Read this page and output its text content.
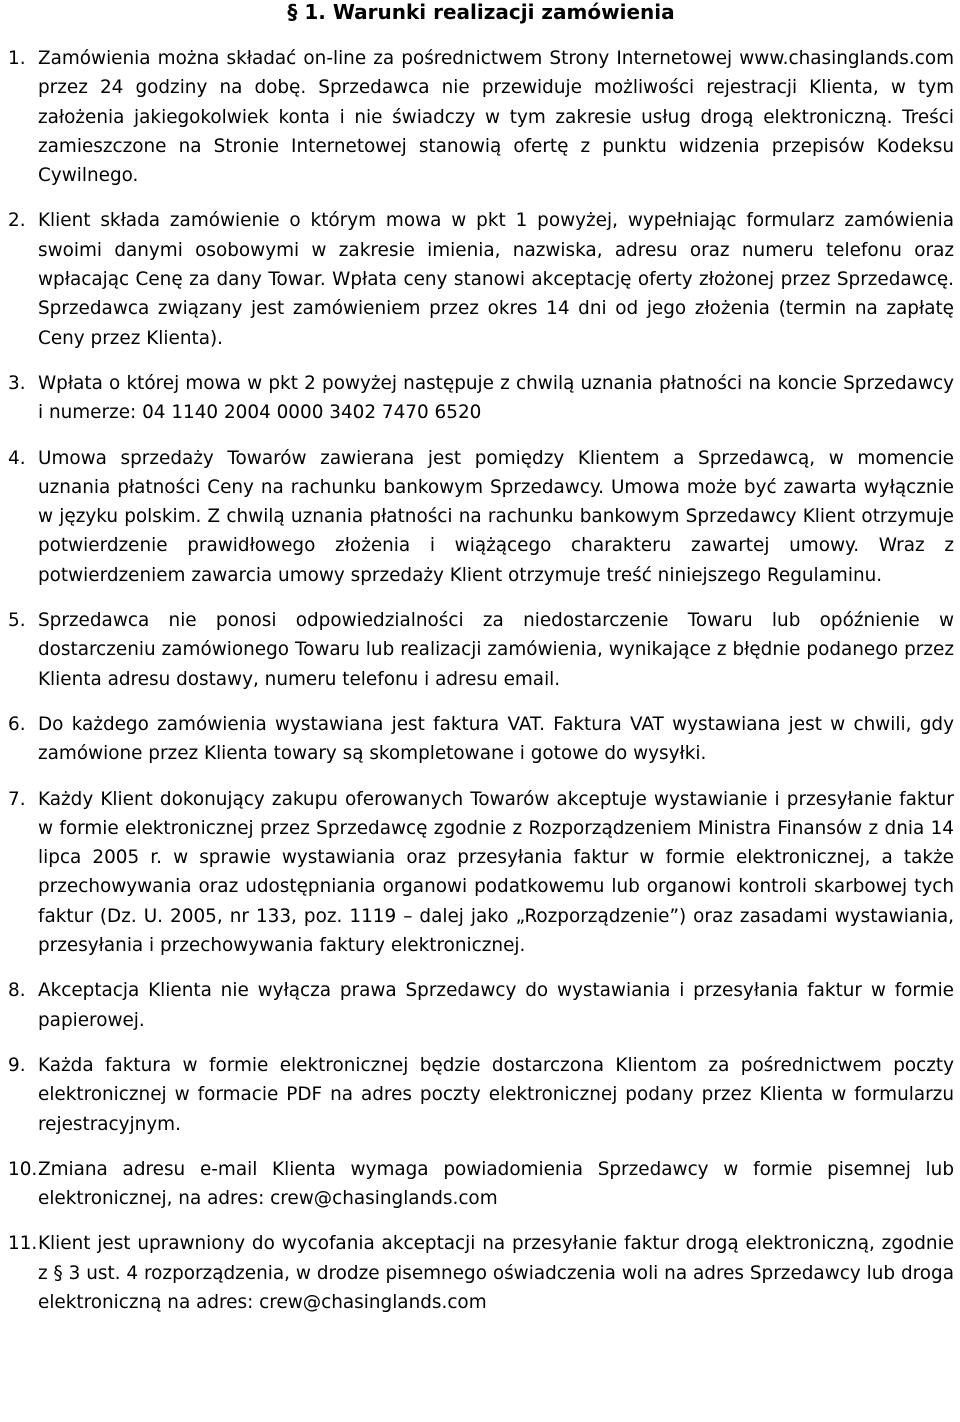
§ 1. Warunki realizacji zamówienia
1. Zamówienia można składać on-line za pośrednictwem Strony Internetowej www.chasinglands.com przez 24 godziny na dobę. Sprzedawca nie przewiduje możliwości rejestracji Klienta, w tym założenia jakiegokolwiek konta i nie świadczy w tym zakresie usług drogą elektroniczną. Treści zamieszczone na Stronie Internetowej stanowią ofertę z punktu widzenia przepisów Kodeksu Cywilnego.
2. Klient składa zamówienie o którym mowa w pkt 1 powyżej, wypełniając formularz zamówienia swoimi danymi osobowymi w zakresie imienia, nazwiska, adresu oraz numeru telefonu oraz wpłacając Cenę za dany Towar. Wpłata ceny stanowi akceptację oferty złożonej przez Sprzedawcę. Sprzedawca związany jest zamówieniem przez okres 14 dni od jego złożenia (termin na zapłatę Ceny przez Klienta).
3. Wpłata o której mowa w pkt 2 powyżej następuje z chwilą uznania płatności na koncie Sprzedawcy i numerze: 04 1140 2004 0000 3402 7470 6520
4. Umowa sprzedaży Towarów zawierana jest pomiędzy Klientem a Sprzedawcą, w momencie uznania płatności Ceny na rachunku bankowym Sprzedawcy. Umowa może być zawarta wyłącznie w języku polskim. Z chwilą uznania płatności na rachunku bankowym Sprzedawcy Klient otrzymuje potwierdzenie prawidłowego złożenia i wiążącego charakteru zawartej umowy. Wraz z potwierdzeniem zawarcia umowy sprzedaży Klient otrzymuje treść niniejszego Regulaminu.
5. Sprzedawca nie ponosi odpowiedzialności za niedostarczenie Towaru lub opóźnienie w dostarczeniu zamówionego Towaru lub realizacji zamówienia, wynikające z błędnie podanego przez Klienta adresu dostawy, numeru telefonu i adresu email.
6. Do każdego zamówienia wystawiana jest faktura VAT. Faktura VAT wystawiana jest w chwili, gdy zamówione przez Klienta towary są skompletowane i gotowe do wysyłki.
7. Każdy Klient dokonujący zakupu oferowanych Towarów akceptuje wystawianie i przesyłanie faktur w formie elektronicznej przez Sprzedawcę zgodnie z Rozporządzeniem Ministra Finansów z dnia 14 lipca 2005 r. w sprawie wystawiania oraz przesyłania faktur w formie elektronicznej, a także przechowywania oraz udostępniania organowi podatkowemu lub organowi kontroli skarbowej tych faktur (Dz. U. 2005, nr 133, poz. 1119 – dalej jako „Rozporządzenie”) oraz zasadami wystawiania, przesyłania i przechowywania faktury elektronicznej.
8. Akceptacja Klienta nie wyłącza prawa Sprzedawcy do wystawiania i przesyłania faktur w formie papierowej.
9. Każda faktura w formie elektronicznej będzie dostarczona Klientom za pośrednictwem poczty elektronicznej w formacie PDF na adres poczty elektronicznej podany przez Klienta w formularzu rejestracyjnym.
10. Zmiana adresu e-mail Klienta wymaga powiadomienia Sprzedawcy w formie pisemnej lub elektronicznej, na adres: crew@chasinglands.com
11. Klient jest uprawniony do wycofania akceptacji na przesyłanie faktur drogą elektroniczną, zgodnie z § 3 ust. 4 rozporządzenia, w drodze pisemnego oświadczenia woli na adres Sprzedawcy lub droga elektroniczną na adres: crew@chasinglands.com
